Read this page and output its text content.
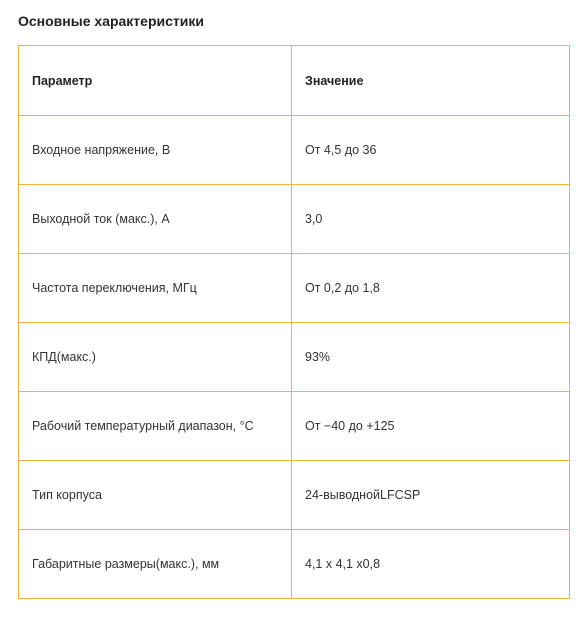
Основные характеристики
Параметр	Значение
Входное напряжение, В	От 4,5 до 36
Выходной ток (макс.), А	3,0
Частота переключения, МГц	От 0,2 до 1,8
КПД(макс.)	93%
Рабочий температурный диапазон, °С	От −40 до +125
Тип корпуса	24-выводнойLFCSP
Габаритные размеры(макс.), мм	4,1 x 4,1 x0,8
